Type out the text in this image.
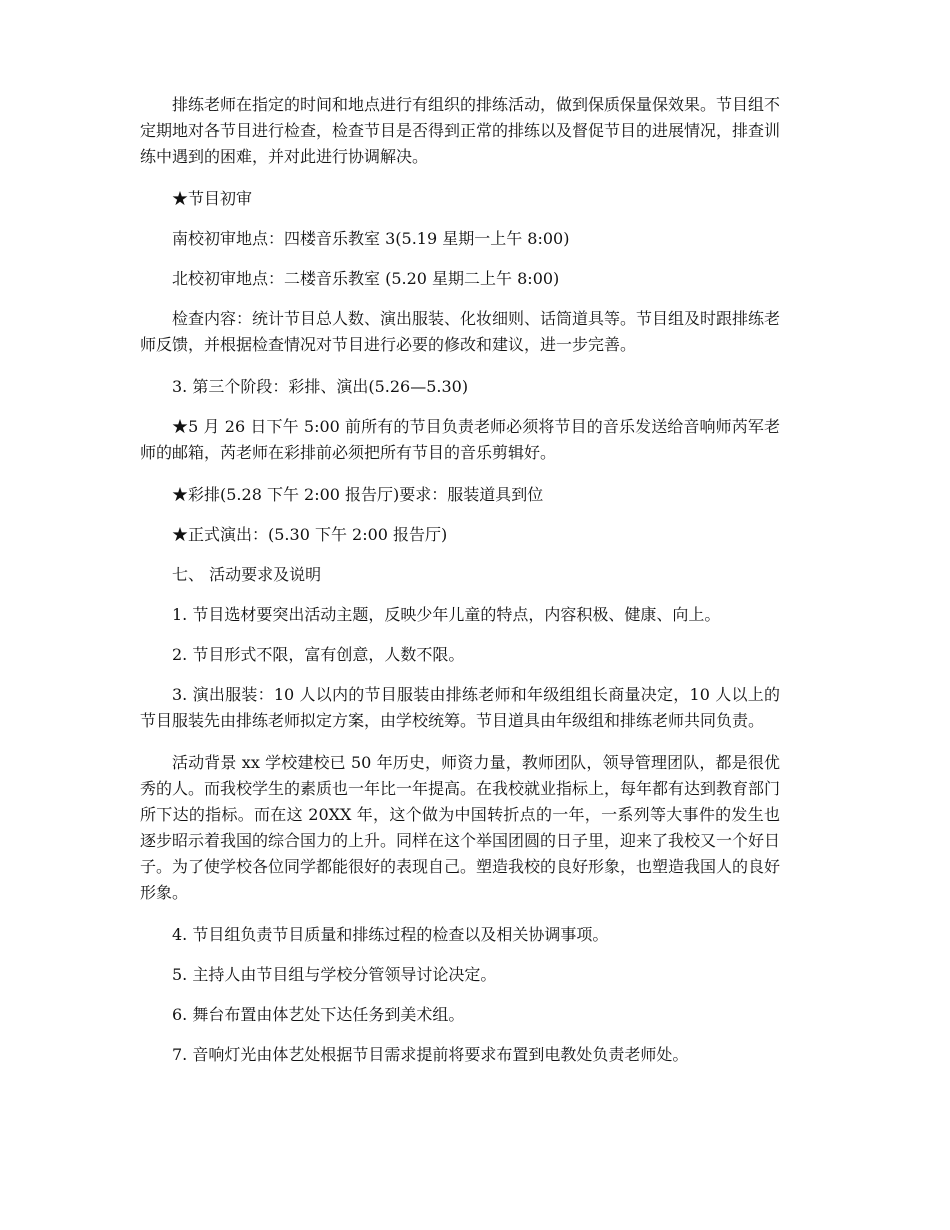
排练老师在指定的时间和地点进行有组织的排练活动，做到保质保量保效果。节目组不定期地对各节目进行检查，检查节目是否得到正常的排练以及督促节目的进展情况，排查训练中遇到的困难，并对此进行协调解决。

★节目初审

南校初审地点：四楼音乐教室 3(5.19 星期一上午 8:00)

北校初审地点：二楼音乐教室 (5.20 星期二上午 8:00)

检查内容：统计节目总人数、演出服装、化妆细则、话筒道具等。节目组及时跟排练老师反馈，并根据检查情况对节目进行必要的修改和建议，进一步完善。

3. 第三个阶段：彩排、演出(5.26—5.30)

★5 月 26 日下午 5:00 前所有的节目负责老师必须将节目的音乐发送给音响师芮军老师的邮箱，芮老师在彩排前必须把所有节目的音乐剪辑好。

★彩排(5.28 下午 2:00 报告厅)要求：服装道具到位

★正式演出：(5.30 下午 2:00 报告厅)

七、 活动要求及说明

1. 节目选材要突出活动主题，反映少年儿童的特点，内容积极、健康、向上。

2. 节目形式不限，富有创意，人数不限。

3. 演出服装：10 人以内的节目服装由排练老师和年级组组长商量决定，10 人以上的节目服装先由排练老师拟定方案，由学校统筹。节目道具由年级组和排练老师共同负责。

活动背景 xx 学校建校已 50 年历史，师资力量，教师团队，领导管理团队，都是很优秀的人。而我校学生的素质也一年比一年提高。在我校就业指标上，每年都有达到教育部门所下达的指标。而在这 20XX 年，这个做为中国转折点的一年，一系列等大事件的发生也逐步昭示着我国的综合国力的上升。同样在这个举国团圆的日子里，迎来了我校又一个好日子。为了使学校各位同学都能很好的表现自己。塑造我校的良好形象，也塑造我国人的良好形象。

4. 节目组负责节目质量和排练过程的检查以及相关协调事项。

5. 主持人由节目组与学校分管领导讨论决定。

6. 舞台布置由体艺处下达任务到美术组。

7. 音响灯光由体艺处根据节目需求提前将要求布置到电教处负责老师处。
